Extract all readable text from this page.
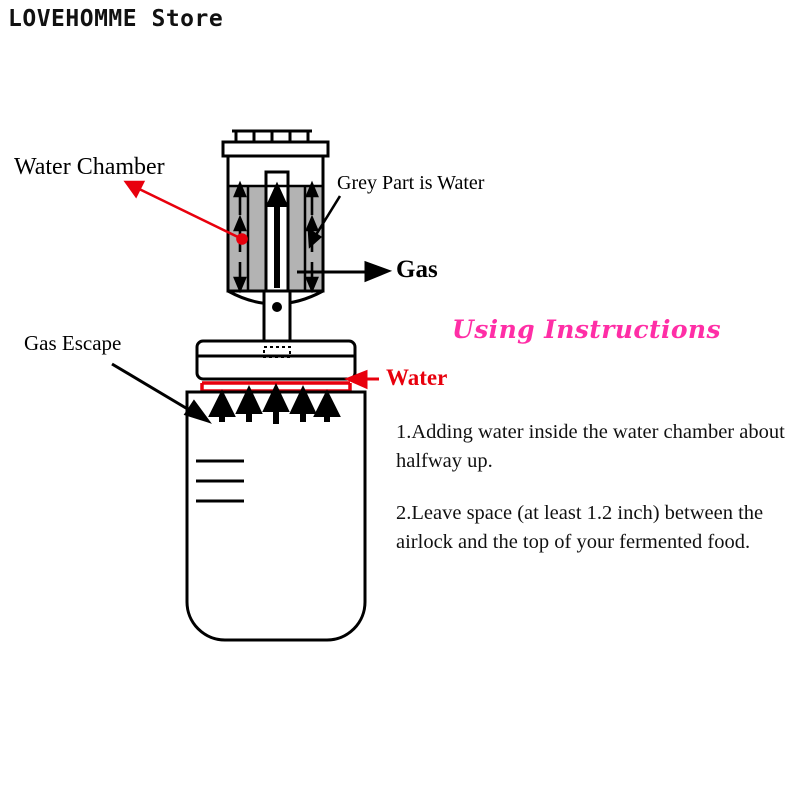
LOVEHOMME Store
Water Chamber
Grey Part is Water
Gas
Gas Escape
Water
Using Instructions

1.Adding water inside the water chamber about halfway up.

2.Leave space (at least 1.2 inch) between the airlock and the top of your fermented food.
